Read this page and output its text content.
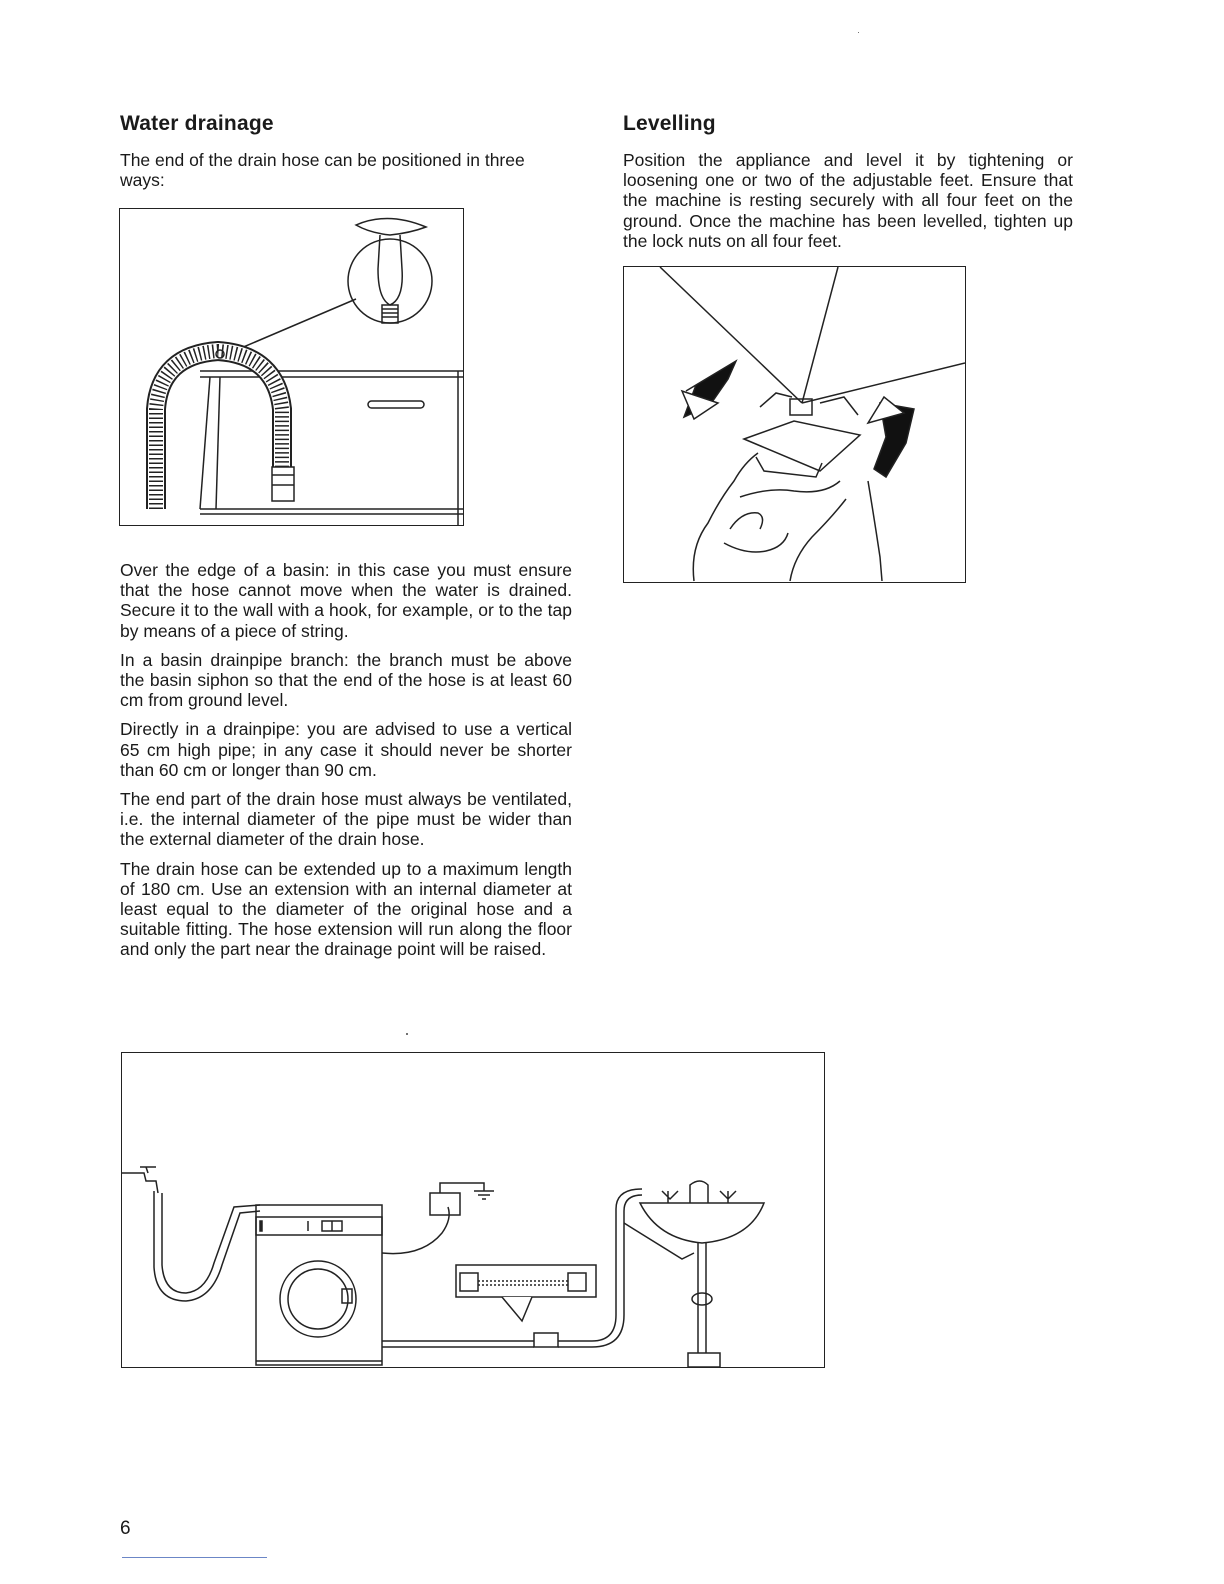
Water drainage

The end of the drain hose can be positioned in three ways:

Levelling

Position the appliance and level it by tightening or loosening one or two of the adjustable feet. Ensure that the machine is resting securely with all four feet on the ground. Once the machine has been levelled, tighten up the lock nuts on all four feet.

Over the edge of a basin: in this case you must ensure that the hose cannot move when the water is drained. Secure it to the wall with a hook, for example, or to the tap by means of a piece of string.

In a basin drainpipe branch: the branch must be above the basin siphon so that the end of the hose is at least 60 cm from ground level.

Directly in a drainpipe: you are advised to use a vertical 65 cm high pipe; in any case it should never be shorter than 60 cm or longer than 90 cm.

The end part of the drain hose must always be ventilated, i.e. the internal diameter of the pipe must be wider than the external diameter of the drain hose.

The drain hose can be extended up to a maximum length of 180 cm. Use an extension with an internal diameter at least equal to the diameter of the original hose and a suitable fitting. The hose extension will run along the floor and only the part near the drainage point will be raised.

6
